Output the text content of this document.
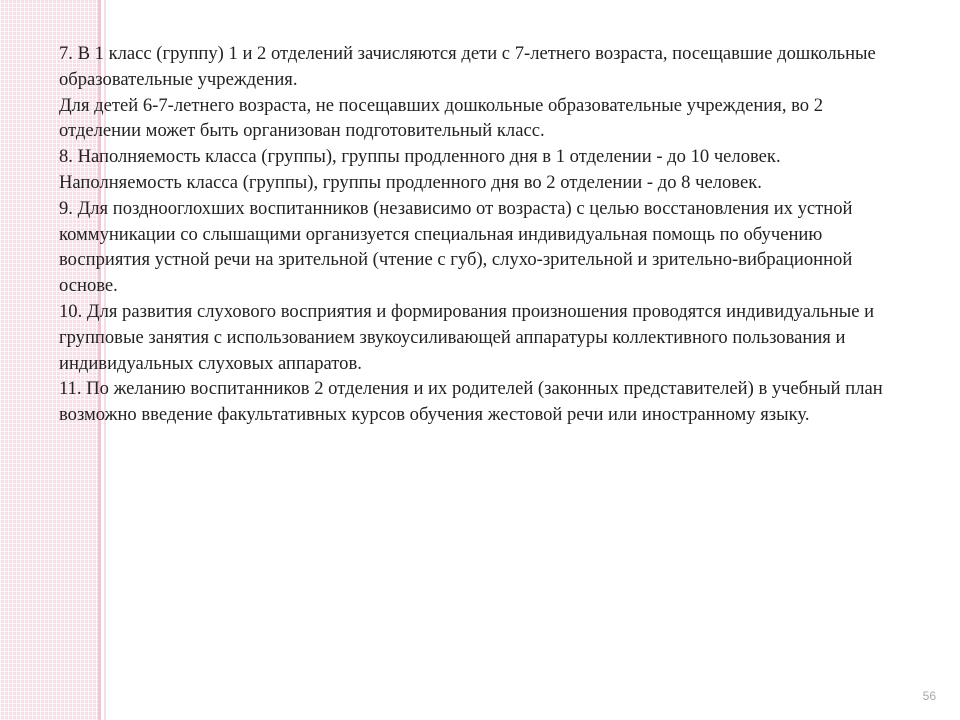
7. В 1 класс (группу) 1 и 2 отделений зачисляются дети с 7-летнего возраста, посещавшие дошкольные образовательные учреждения.

Для детей 6-7-летнего возраста, не посещавших дошкольные образовательные учреждения, во 2 отделении может быть организован подготовительный класс.

8. Наполняемость класса (группы), группы продленного дня в 1 отделении - до 10 человек.

Наполняемость класса (группы), группы продленного дня во 2 отделении - до 8 человек.

9. Для позднооглохших воспитанников (независимо от возраста) с целью восстановления их устной коммуникации со слышащими организуется специальная индивидуальная помощь по обучению восприятия устной речи на зрительной (чтение с губ), слухо-зрительной и зрительно-вибрационной основе.

10. Для развития слухового восприятия и формирования произношения проводятся индивидуальные и групповые занятия с использованием звукоусиливающей аппаратуры коллективного пользования и индивидуальных слуховых аппаратов.

11. По желанию воспитанников 2 отделения и их родителей (законных представителей) в учебный план возможно введение факультативных курсов обучения жестовой речи или иностранному языку.

56
